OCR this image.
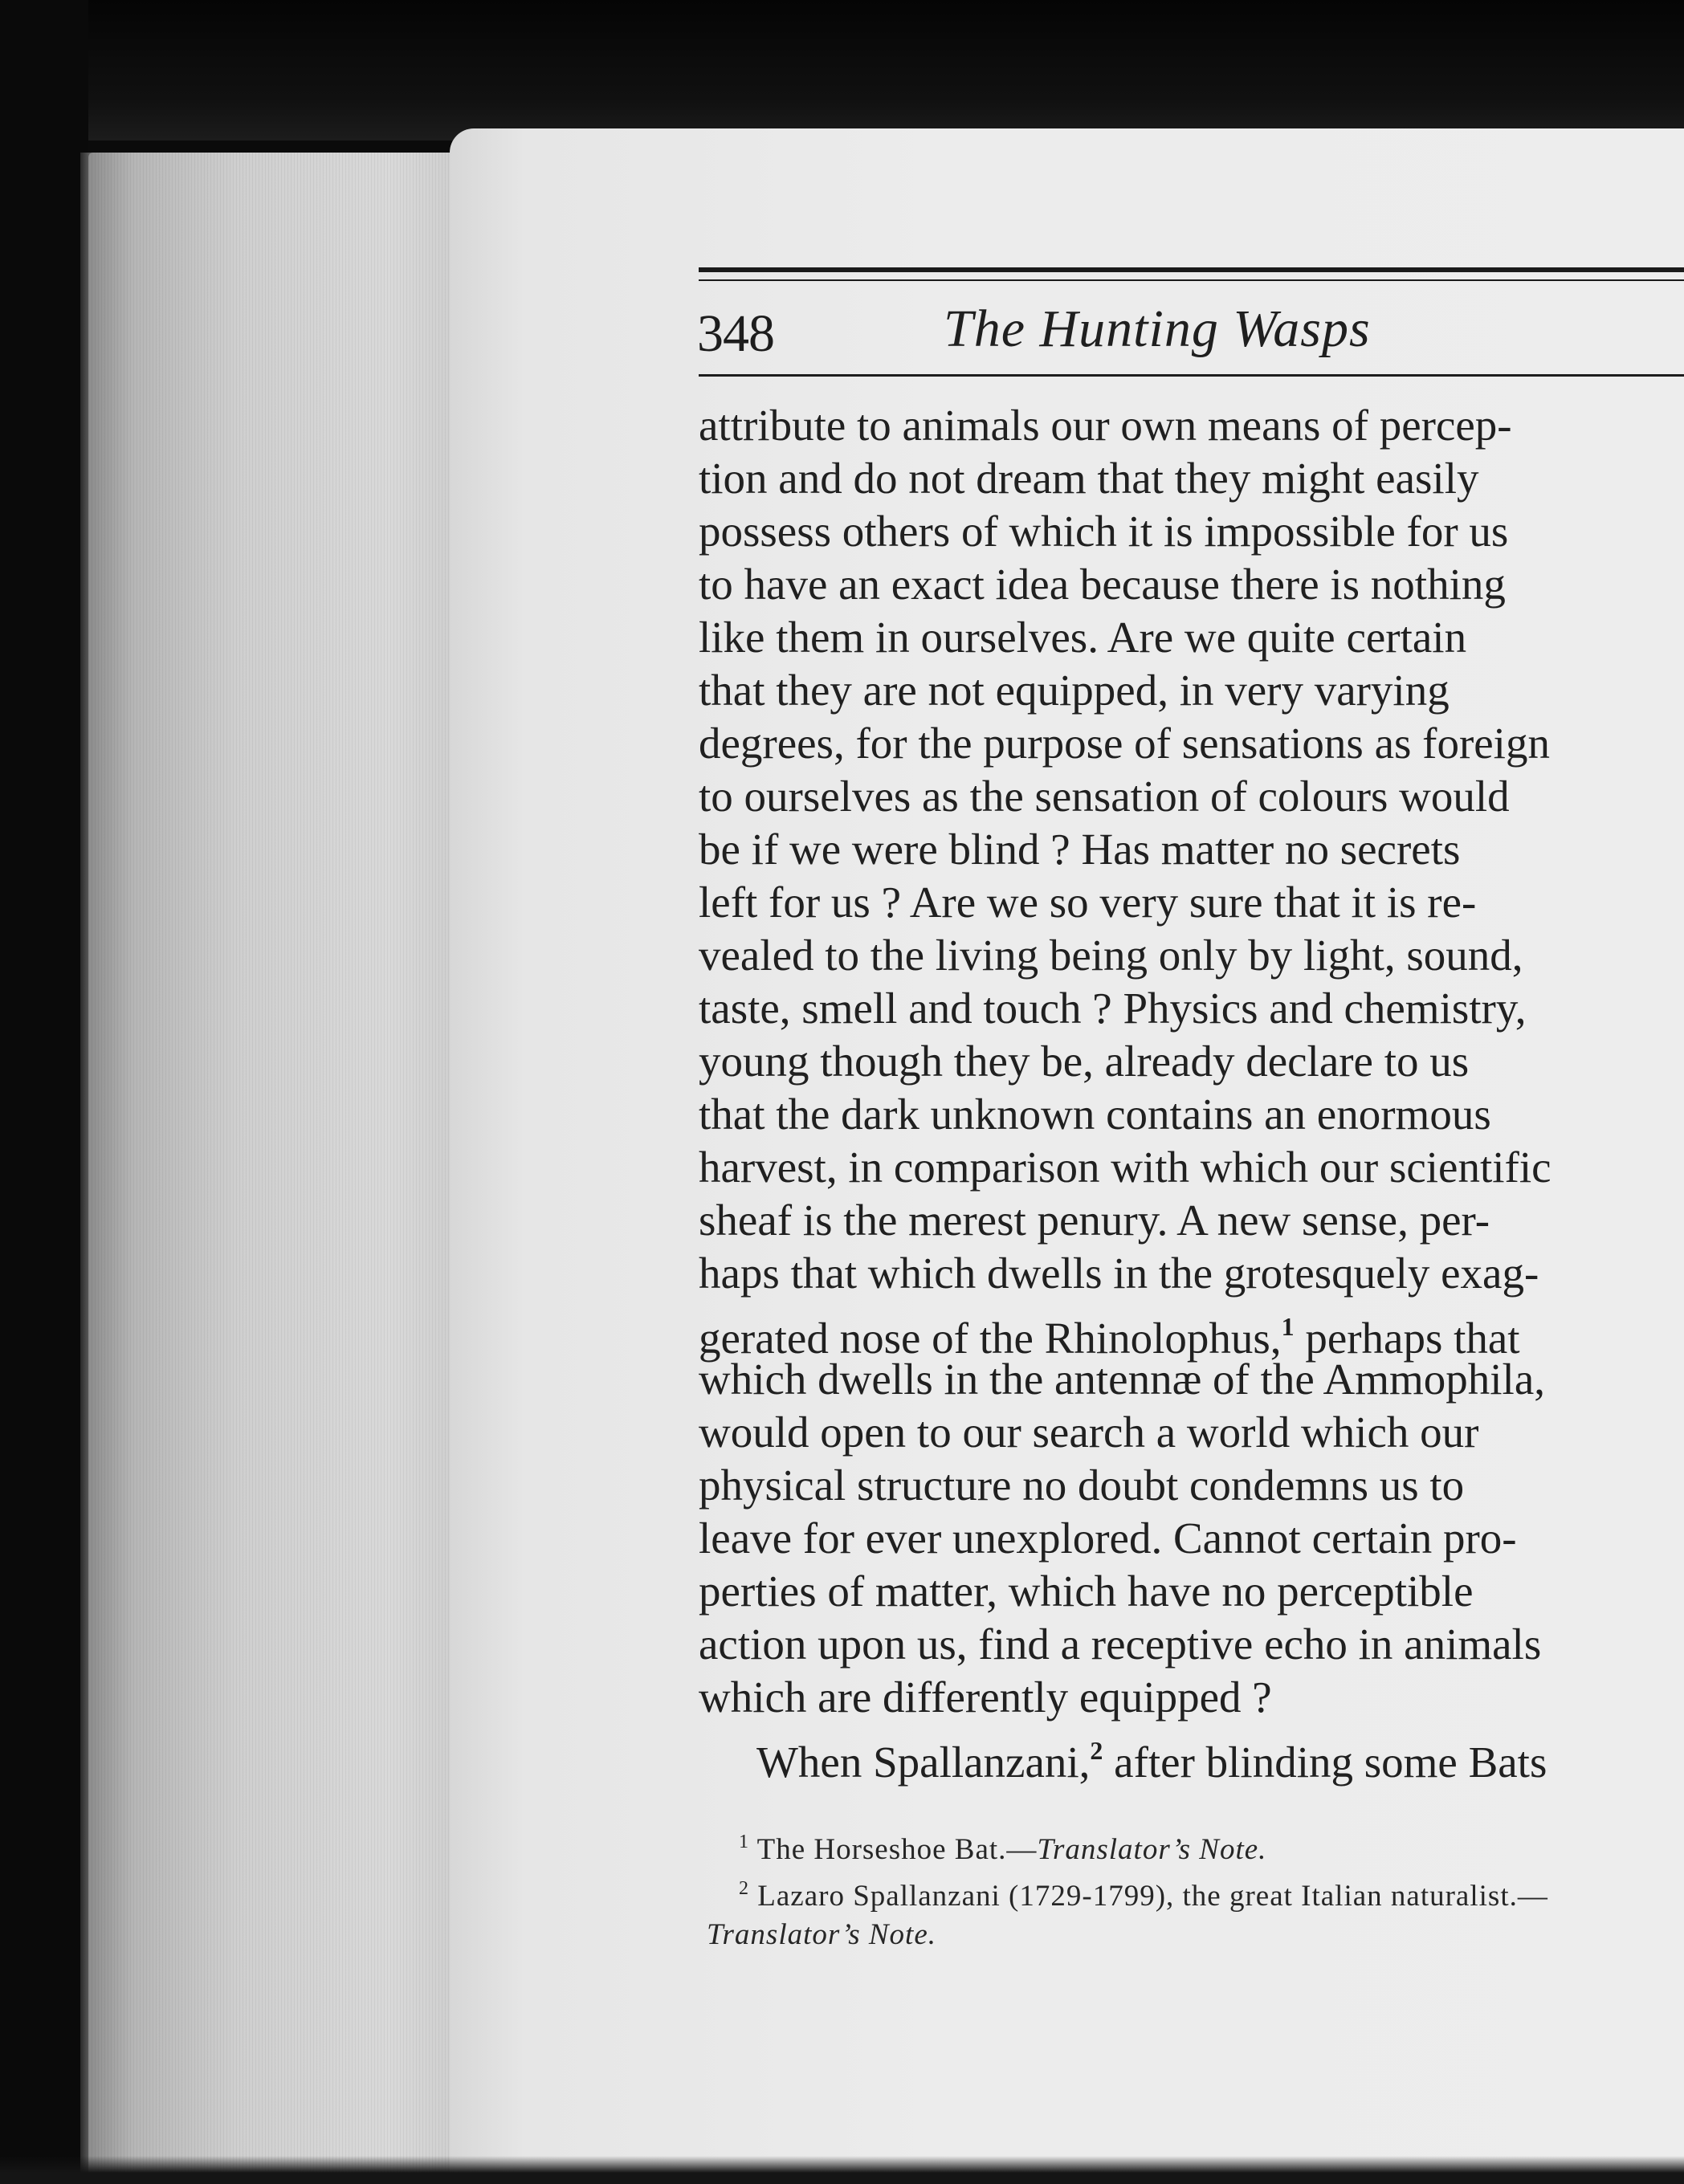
348	The Hunting Wasps

attribute to animals our own means of percep-
tion and do not dream that they might easily
possess others of which it is impossible for us
to have an exact idea because there is nothing
like them in ourselves. Are we quite certain
that they are not equipped, in very varying
degrees, for the purpose of sensations as foreign
to ourselves as the sensation of colours would
be if we were blind ? Has matter no secrets
left for us ? Are we so very sure that it is re-
vealed to the living being only by light, sound,
taste, smell and touch ? Physics and chemistry,
young though they be, already declare to us
that the dark unknown contains an enormous
harvest, in comparison with which our scientific
sheaf is the merest penury. A new sense, per-
haps that which dwells in the grotesquely exag-
gerated nose of the Rhinolophus,$^1$ perhaps that
which dwells in the antennæ of the Ammophila,
would open to our search a world which our
physical structure no doubt condemns us to
leave for ever unexplored. Cannot certain pro-
perties of matter, which have no perceptible
action upon us, find a receptive echo in animals
which are differently equipped ?
When Spallanzani,$^2$ after blinding some Bats
$^1$ The Horseshoe Bat.—Translator’s Note.
$^2$ Lazaro Spallanzani (1729-1799), the great Italian naturalist.—
Translator’s Note.
